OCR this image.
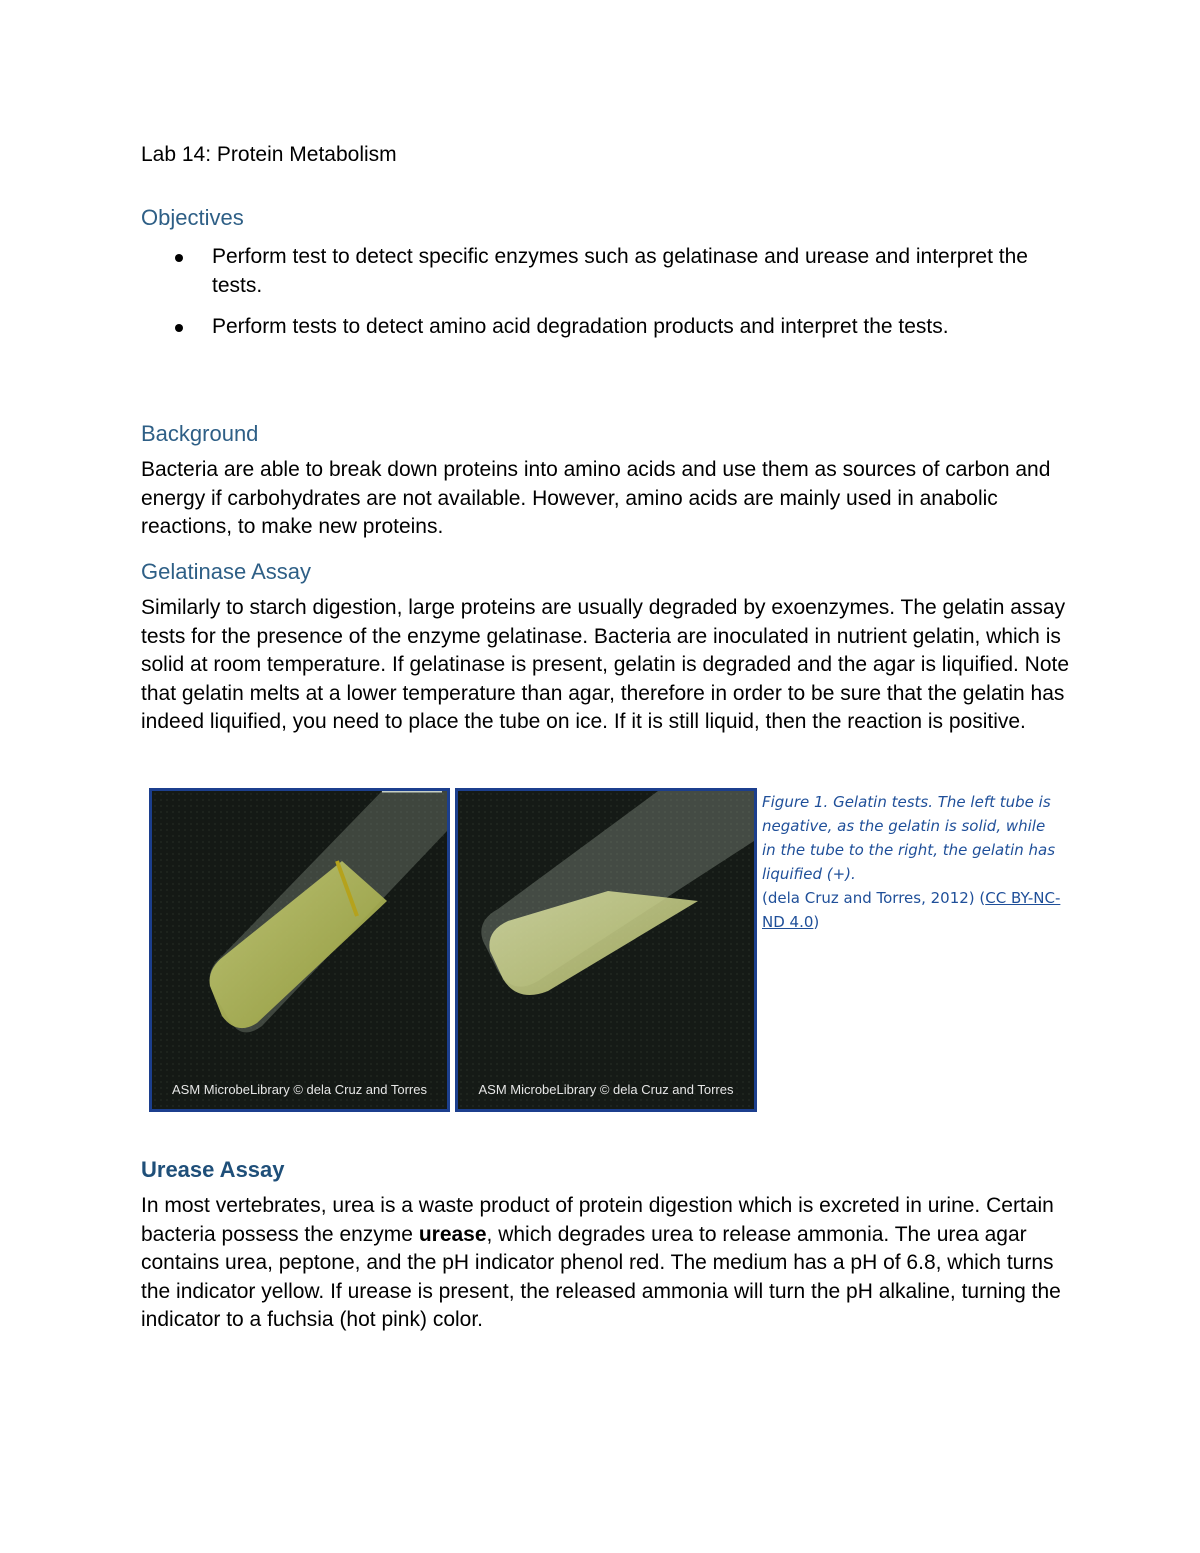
Lab 14: Protein Metabolism
Objectives
Perform test to detect specific enzymes such as gelatinase and urease and interpret the tests.
Perform tests to detect amino acid degradation products and interpret the tests.
Background

Bacteria are able to break down proteins into amino acids and use them as sources of carbon and energy if carbohydrates are not available. However, amino acids are mainly used in anabolic reactions, to make new proteins.

Gelatinase Assay

Similarly to starch digestion, large proteins are usually degraded by exoenzymes. The gelatin assay tests for the presence of the enzyme gelatinase. Bacteria are inoculated in nutrient gelatin, which is solid at room temperature. If gelatinase is present, gelatin is degraded and the agar is liquified. Note that gelatin melts at a lower temperature than agar, therefore in order to be sure that the gelatin has indeed liquified, you need to place the tube on ice. If it is still liquid, then the reaction is positive.

ASM MicrobeLibrary © dela Cruz and Torres	ASM MicrobeLibrary © dela Cruz and Torres
Figure 1. Gelatin tests. The left tube is negative, as the gelatin is solid, while in the tube to the right, the gelatin has liquified (+).
(dela Cruz and Torres, 2012) (CC BY-NC-ND 4.0)
Urease Assay

In most vertebrates, urea is a waste product of protein digestion which is excreted in urine. Certain bacteria possess the enzyme urease, which degrades urea to release ammonia. The urea agar contains urea, peptone, and the pH indicator phenol red. The medium has a pH of 6.8, which turns the indicator yellow. If urease is present, the released ammonia will turn the pH alkaline, turning the indicator to a fuchsia (hot pink) color.
